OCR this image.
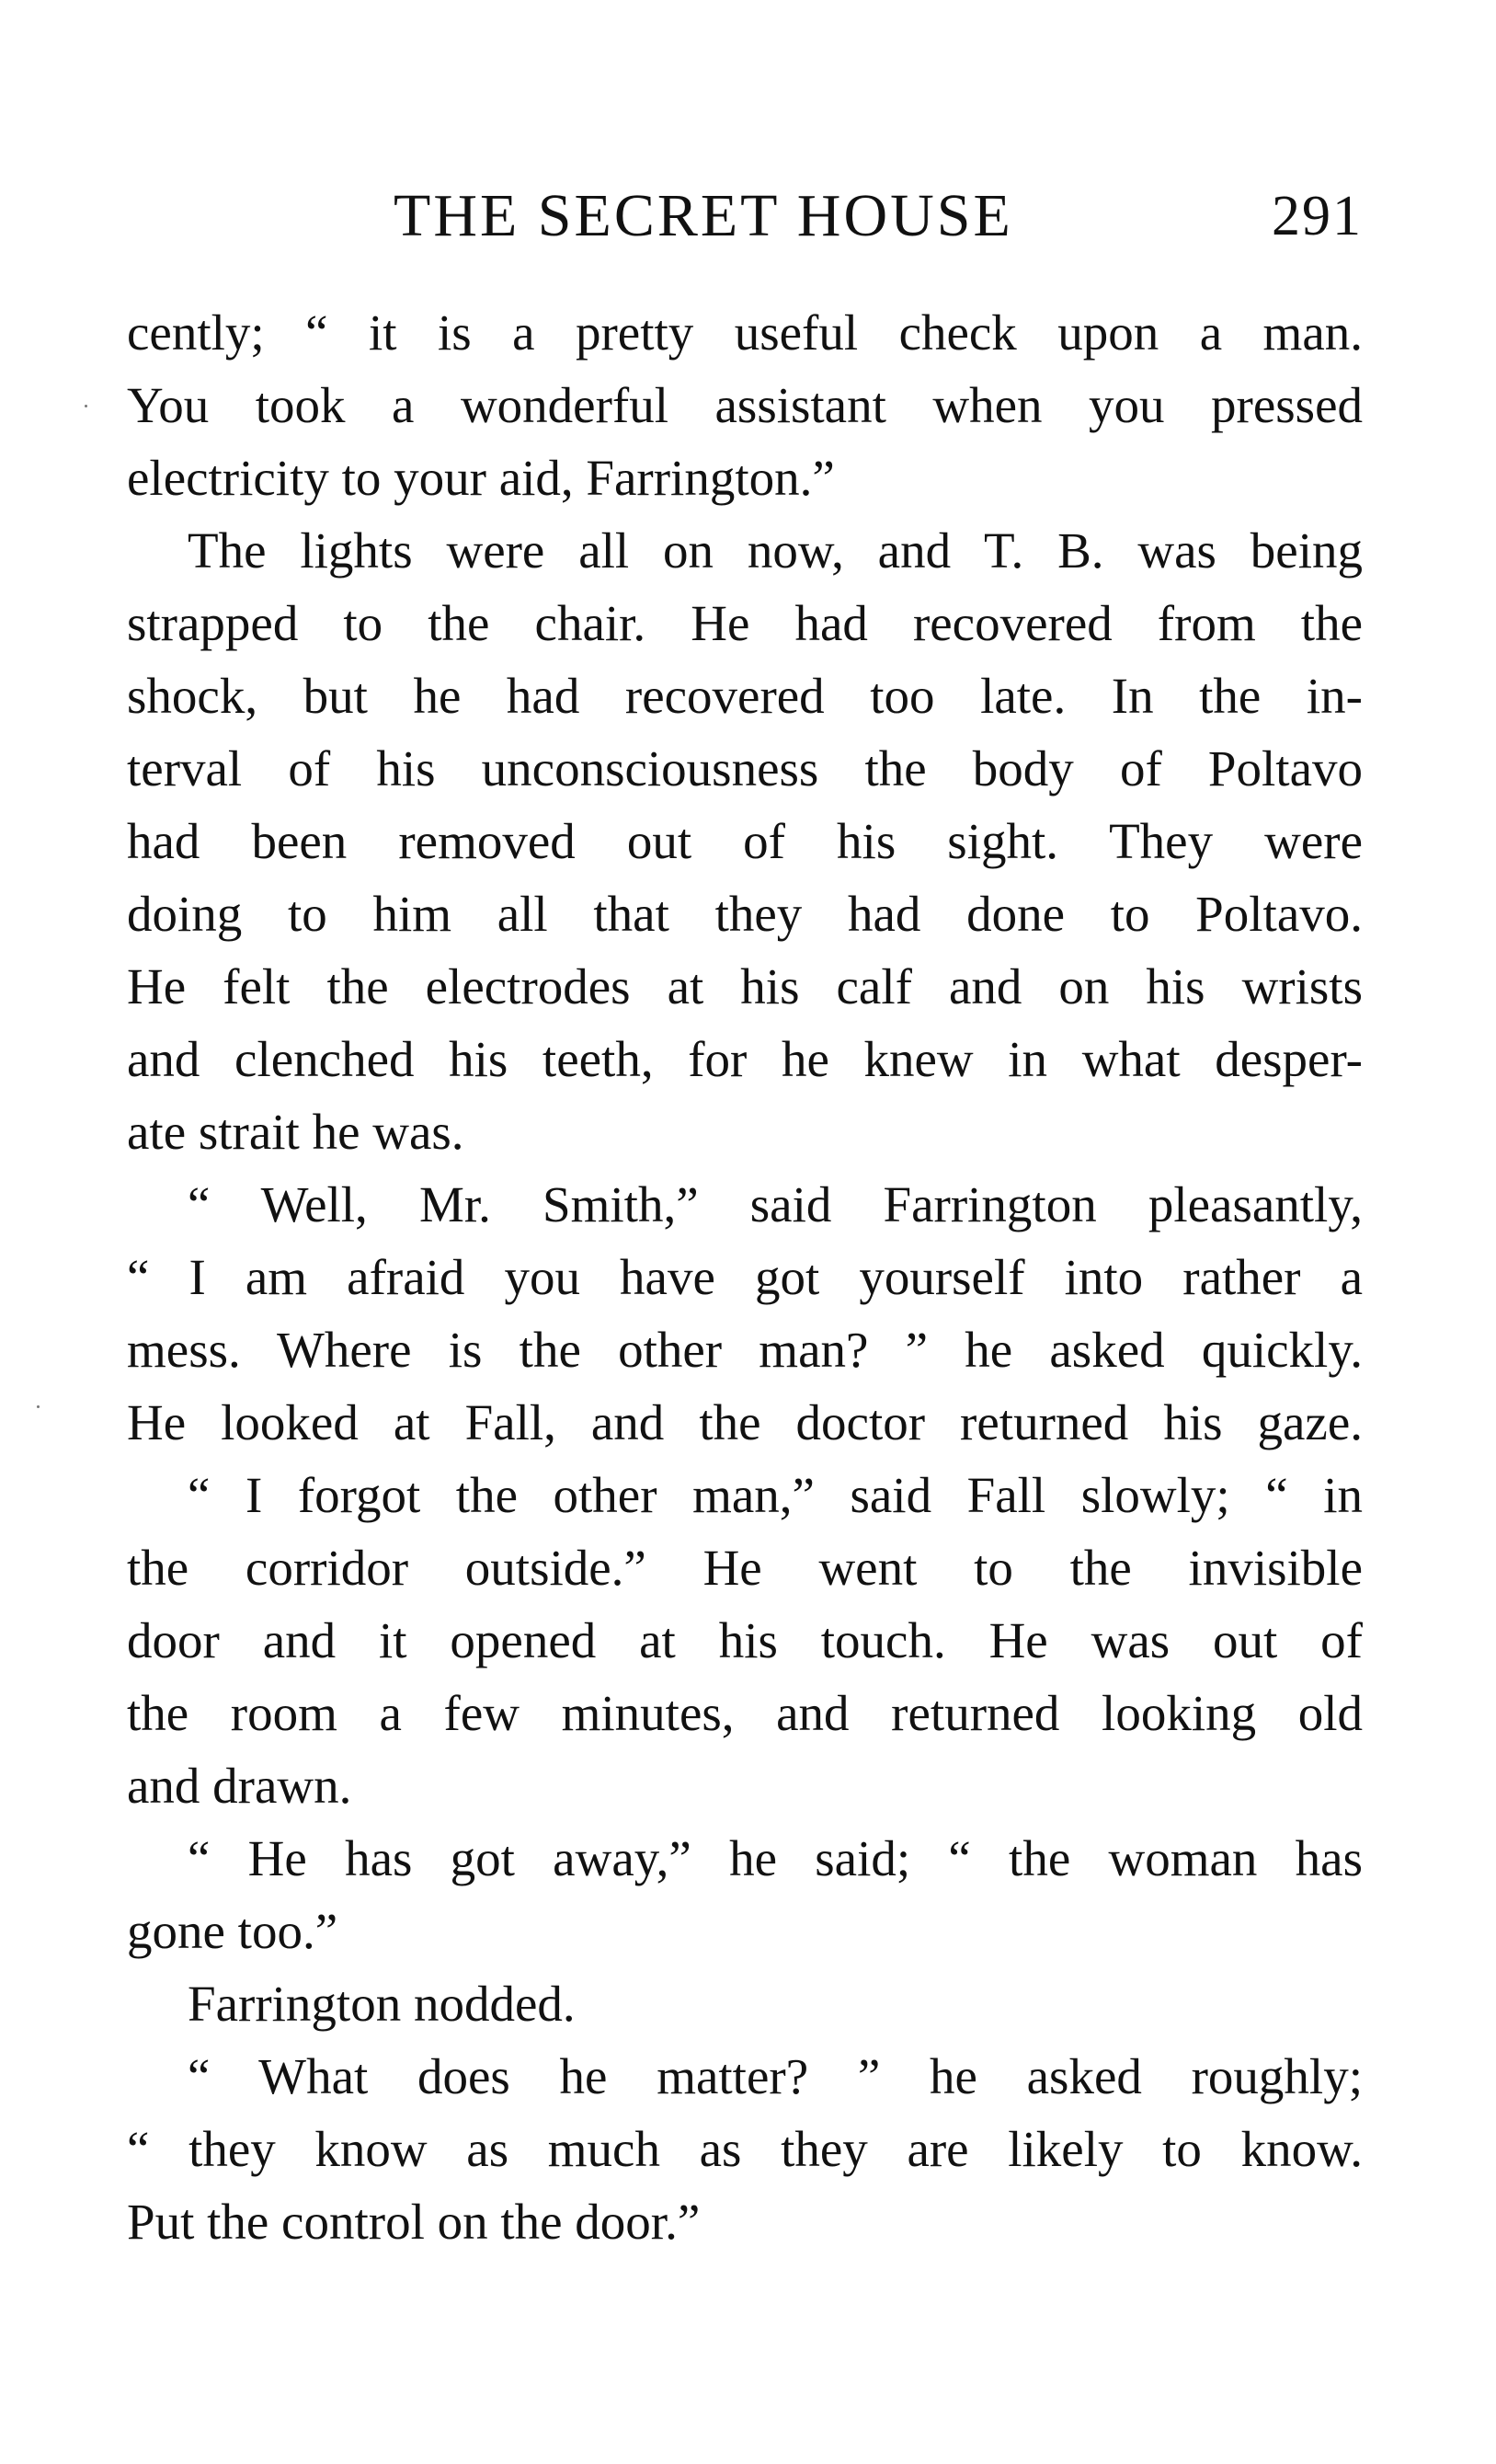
THE SECRET HOUSE	291
cently; “ it is a pretty useful check upon a man.
You took a wonderful assistant when you pressed
electricity to your aid, Farrington.”
The lights were all on now, and T. B. was being
strapped to the chair. He had recovered from the
shock, but he had recovered too late. In the in-
terval of his unconsciousness the body of Poltavo
had been removed out of his sight. They were
doing to him all that they had done to Poltavo.
He felt the electrodes at his calf and on his wrists
and clenched his teeth, for he knew in what desper-
ate strait he was.
“ Well, Mr. Smith,” said Farrington pleasantly,
“ I am afraid you have got yourself into rather a
mess. Where is the other man? ” he asked quickly.
He looked at Fall, and the doctor returned his gaze.
“ I forgot the other man,” said Fall slowly; “ in
the corridor outside.” He went to the invisible
door and it opened at his touch. He was out of
the room a few minutes, and returned looking old
and drawn.
“ He has got away,” he said; “ the woman has
gone too.”
Farrington nodded.
“ What does he matter? ” he asked roughly;
“ they know as much as they are likely to know.
Put the control on the door.”
